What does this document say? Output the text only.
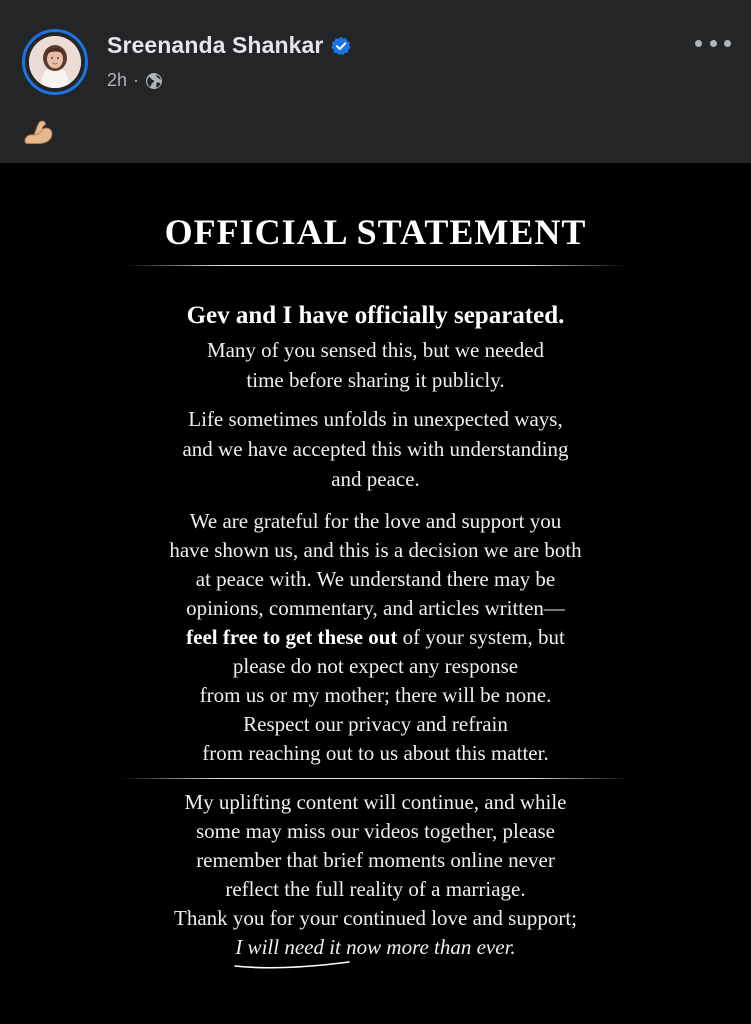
Sreenanda Shankar
2h ·
OFFICIAL STATEMENT
Gev and I have officially separated.
Many of you sensed this, but we needed
time before sharing it publicly.
Life sometimes unfolds in unexpected ways,
and we have accepted this with understanding
and peace.
We are grateful for the love and support you
have shown us, and this is a decision we are both
at peace with. We understand there may be
opinions, commentary, and articles written—
feel free to get these out of your system, but
please do not expect any response
from us or my mother; there will be none.
Respect our privacy and refrain
from reaching out to us about this matter.
My uplifting content will continue, and while
some may miss our videos together, please
remember that brief moments online never
reflect the full reality of a marriage.
Thank you for your continued love and support;
I will need it
now more than ever.
